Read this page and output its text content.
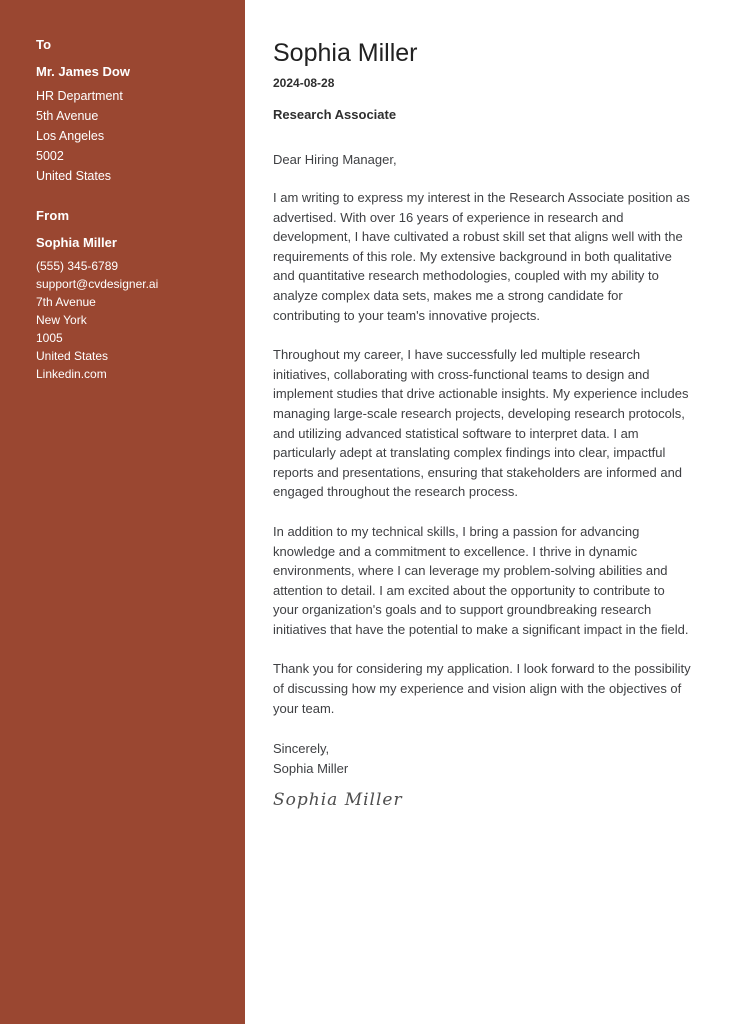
To
Mr. James Dow
HR Department
5th Avenue
Los Angeles
5002
United States
From
Sophia Miller
(555) 345-6789
support@cvdesigner.ai
7th Avenue
New York
1005
United States
Linkedin.com
Sophia Miller
2024-08-28
Research Associate
Dear Hiring Manager,

I am writing to express my interest in the Research Associate position as advertised. With over 16 years of experience in research and development, I have cultivated a robust skill set that aligns well with the requirements of this role. My extensive background in both qualitative and quantitative research methodologies, coupled with my ability to analyze complex data sets, makes me a strong candidate for contributing to your team's innovative projects.

Throughout my career, I have successfully led multiple research initiatives, collaborating with cross-functional teams to design and implement studies that drive actionable insights. My experience includes managing large-scale research projects, developing research protocols, and utilizing advanced statistical software to interpret data. I am particularly adept at translating complex findings into clear, impactful reports and presentations, ensuring that stakeholders are informed and engaged throughout the research process.

In addition to my technical skills, I bring a passion for advancing knowledge and a commitment to excellence. I thrive in dynamic environments, where I can leverage my problem-solving abilities and attention to detail. I am excited about the opportunity to contribute to your organization's goals and to support groundbreaking research initiatives that have the potential to make a significant impact in the field.

Thank you for considering my application. I look forward to the possibility of discussing how my experience and vision align with the objectives of your team.

Sincerely,
Sophia Miller
Sophia Miller
